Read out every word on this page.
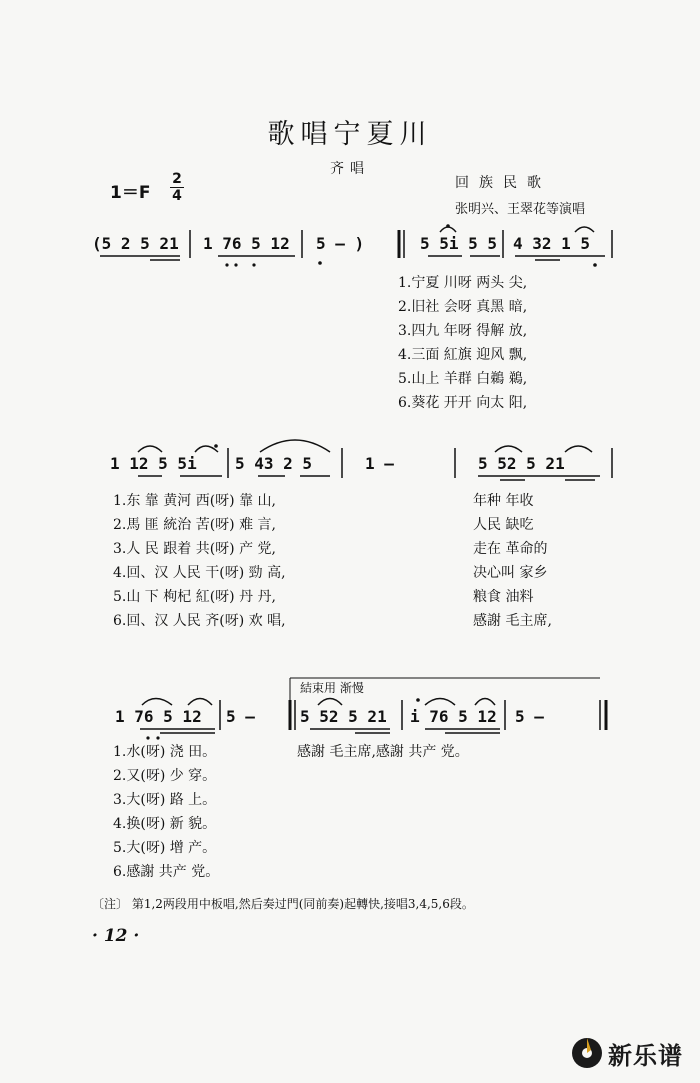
歌唱宁夏川
齐唱
1＝F
2
4
回族民歌
张明兴、王翠花等演唱
(5 2 5 21 1 76 5 12 5 – )	5 5i 5 5 4 32 1 5
1.宁夏 川呀 两头 尖,
2.旧社 会呀 真黑 暗,
3.四九 年呀 得解 放,
4.三面 紅旗 迎风 飘,
5.山上 羊群 白鵜 鵜,
6.葵花 开开 向太 阳,
1 12 5 5i 5 43 2 5	1 –	5 52 5 21
1.东 靠 黄河 西(呀) 靠 山,	年种 年收
2.馬 匪 統治 苦(呀) 难 言,	人民 缺吃
3.人 民 跟着 共(呀) 产 党,	走在 革命的
4.回、汉 人民 干(呀) 勁 高,	决心叫 家乡
5.山 下 枸杞 紅(呀) 丹 丹,	粮食 油料
6.回、汉 人民 齐(呀) 欢 唱,	感謝 毛主席,
結束用 渐慢
1 76 5 12 5 –	5 52 5 21 i 76 5 12 5 –
1.水(呀) 浇 田。
2.又(呀) 少 穿。
3.大(呀) 路 上。
4.换(呀) 新 貌。
5.大(呀) 增 产。
6.感謝 共产 党。
感謝 毛主席,感謝 共产 党。
〔注〕 第1,2两段用中板唱,然后奏过門(同前奏)起轉快,接唱3,4,5,6段。
· 12 ·
新乐谱
